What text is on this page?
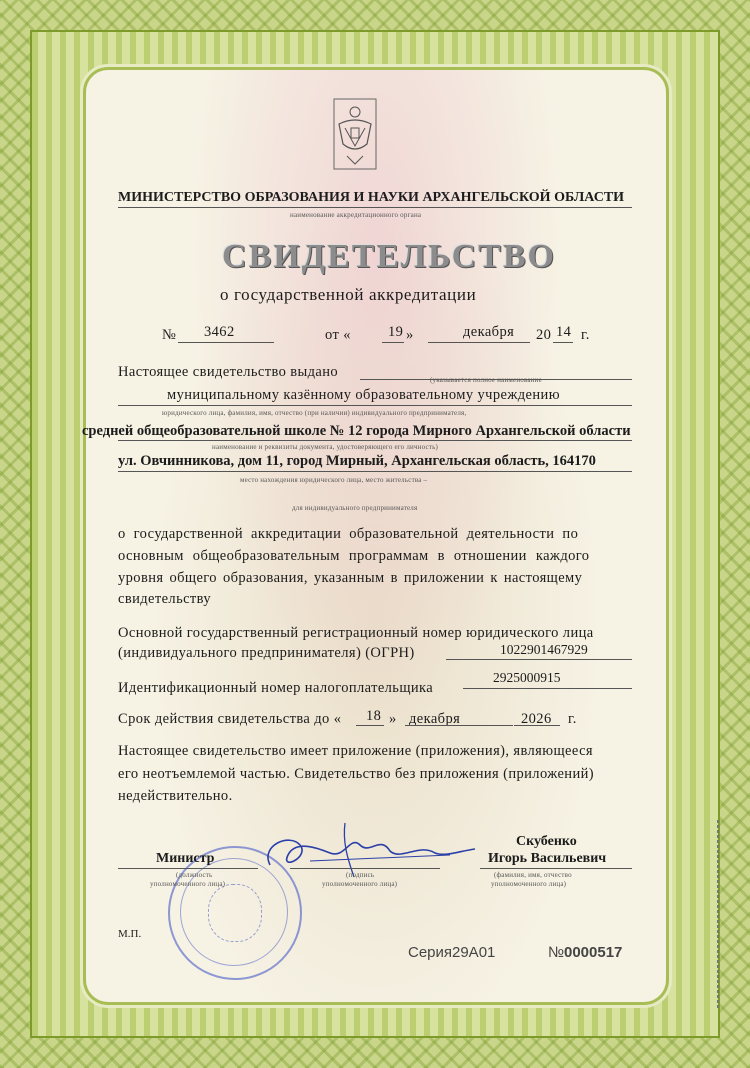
МИНИСТЕРСТВО ОБРАЗОВАНИЯ И НАУКИ АРХАНГЕЛЬСКОЙ ОБЛАСТИ
наименование аккредитационного органа
СВИДЕТЕЛЬСТВО
о государственной аккредитации
№ 3462	от «	19 »	декабря 20 14 г.
Настоящее свидетельство выдано	(указывается полное наименование
муниципальному казённому образовательному учреждению
юридического лица, фамилия, имя, отчество (при наличии) индивидуального предпринимателя,
средней общеобразовательной школе № 12 города Мирного Архангельской области
наименование и реквизиты документа, удостоверяющего его личность)
ул. Овчинникова, дом 11, город Мирный, Архангельская область, 164170
место нахождения юридического лица, место жительства –
для индивидуального предпринимателя
о государственной аккредитации образовательной деятельности по
основным общеобразовательным программам в отношении каждого
уровня общего образования, указанным в приложении к настоящему
свидетельству
Основной государственный регистрационный номер юридического лица
(индивидуального предпринимателя) (ОГРН)	1022901467929
Идентификационный номер налогоплательщика
2925000915
Срок действия свидетельства до « 18 » декабря	2026 г.
Настоящее свидетельство имеет приложение (приложения), являющееся
его неотъемлемой частью. Свидетельство без приложения (приложений)
недействительно.
Министр
(должность
уполномоченного лица)
(подпись
уполномоченного лица)
Скубенко
Игорь Васильевич
(фамилия, имя, отчество
уполномоченного лица)
М.П.
Серия 29А01	№ 0000517
